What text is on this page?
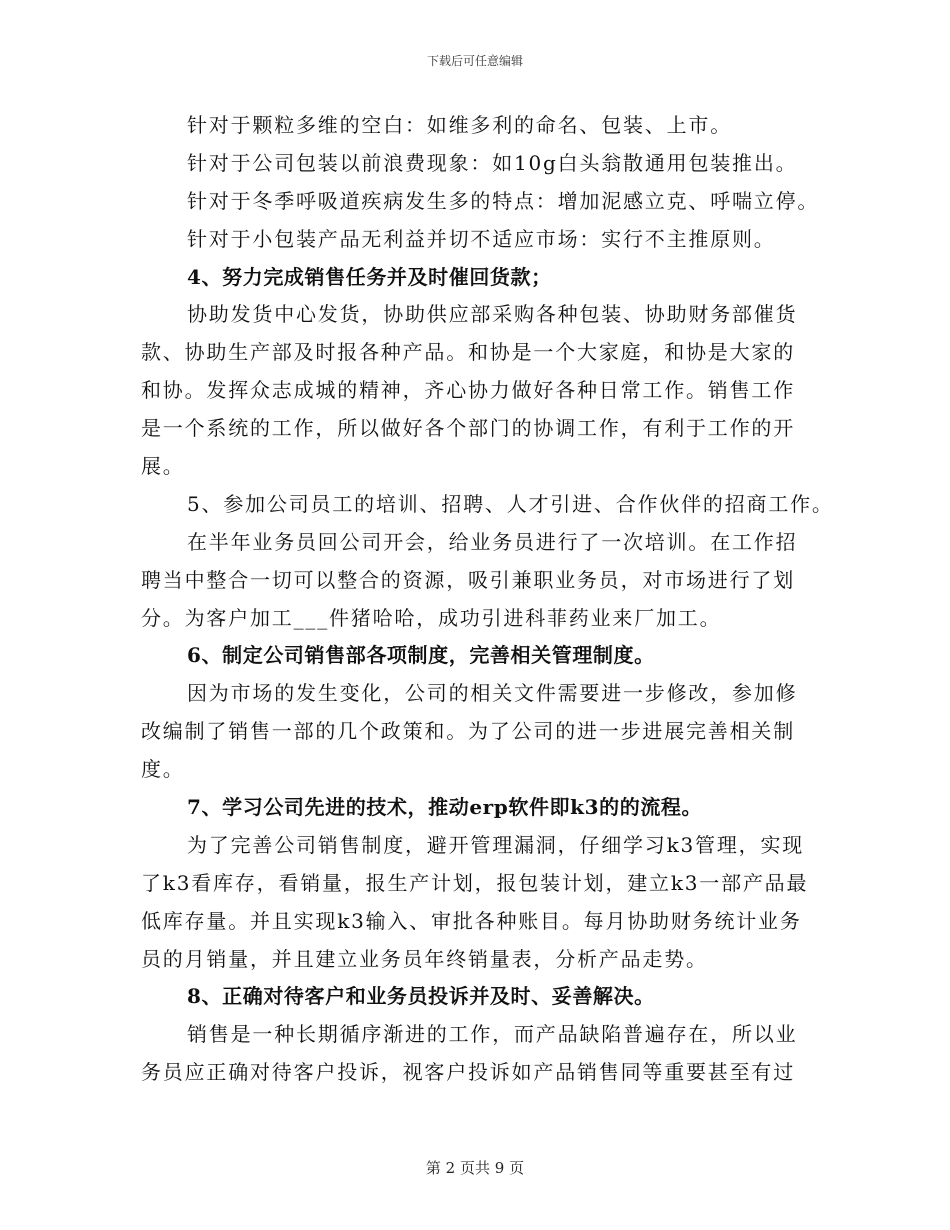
下载后可任意编辑
针对于颗粒多维的空白：如维多利的命名、包装、上市。
针对于公司包装以前浪费现象：如10g白头翁散通用包装推出。
针对于冬季呼吸道疾病发生多的特点：增加泥感立克、呼喘立停。
针对于小包装产品无利益并切不适应市场：实行不主推原则。
4、努力完成销售任务并及时催回货款；
协助发货中心发货，协助供应部采购各种包装、协助财务部催货
款、协助生产部及时报各种产品。和协是一个大家庭，和协是大家的
和协。发挥众志成城的精神，齐心协力做好各种日常工作。销售工作
是一个系统的工作，所以做好各个部门的协调工作，有利于工作的开
展。
5、参加公司员工的培训、招聘、人才引进、合作伙伴的招商工作。
在半年业务员回公司开会，给业务员进行了一次培训。在工作招
聘当中整合一切可以整合的资源，吸引兼职业务员，对市场进行了划
分。为客户加工___件猪哈哈，成功引进科菲药业来厂加工。
6、制定公司销售部各项制度，完善相关管理制度。
因为市场的发生变化，公司的相关文件需要进一步修改，参加修
改编制了销售一部的几个政策和。为了公司的进一步进展完善相关制
度。
7、学习公司先进的技术，推动erp软件即k3的的流程。
为了完善公司销售制度，避开管理漏洞，仔细学习k3管理，实现
了k3看库存，看销量，报生产计划，报包装计划，建立k3一部产品最
低库存量。并且实现k3输入、审批各种账目。每月协助财务统计业务
员的月销量，并且建立业务员年终销量表，分析产品走势。
8、正确对待客户和业务员投诉并及时、妥善解决。
销售是一种长期循序渐进的工作，而产品缺陷普遍存在，所以业
务员应正确对待客户投诉，视客户投诉如产品销售同等重要甚至有过
第 2 页共 9 页
